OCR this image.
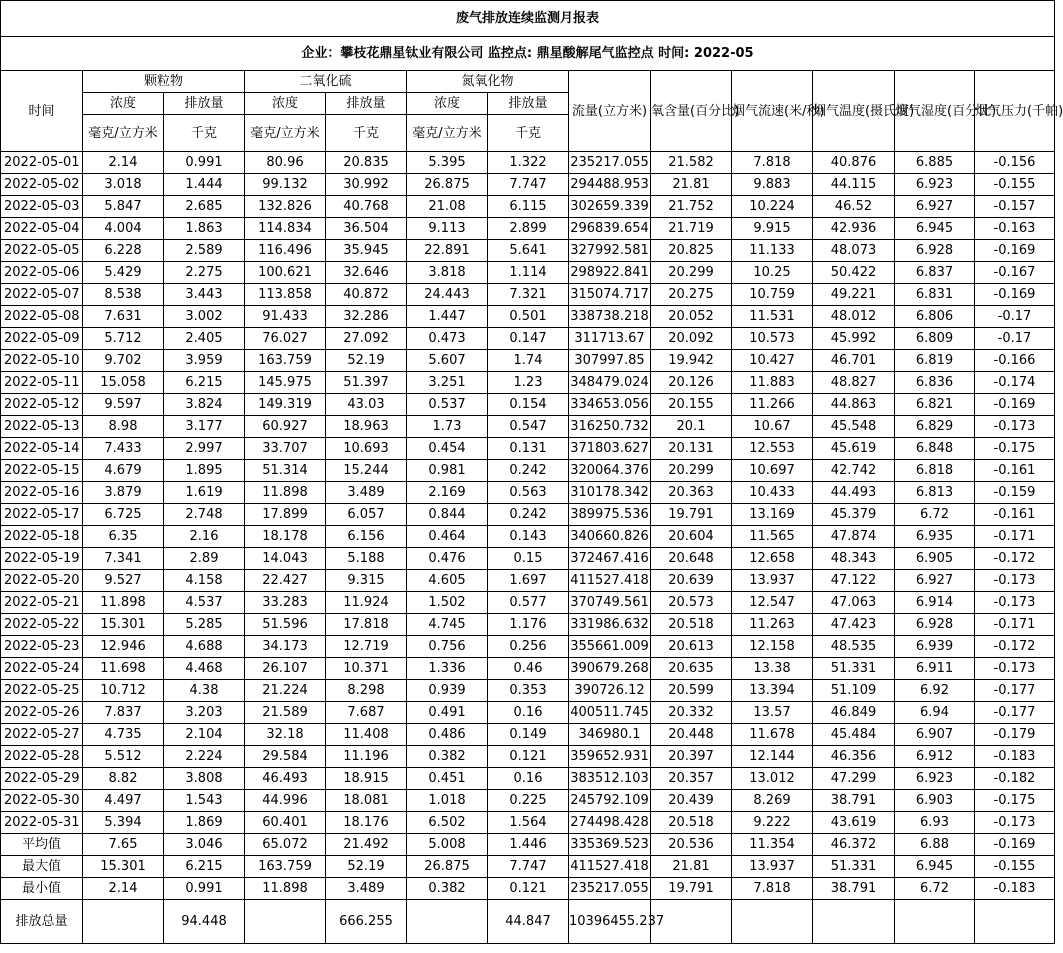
废气排放连续监测月报表												
企业：攀枝花鼎星钛业有限公司 监控点: 鼎星酸解尾气监控点 时间: 2022-05												
时间	颗粒物		二氧化硫		氮氧化物		流量(立方米)	氧含量(百分比)	烟气流速(米/秒)	烟气温度(摄氏度)	烟气湿度(百分比)	烟气压力(千帕)
	浓度	排放量	浓度	排放量	浓度	排放量						
	毫克/立方米	千克	毫克/立方米	千克	毫克/立方米	千克						
2022-05-01	2.14	0.991	80.96	20.835	5.395	1.322	235217.055	21.582	7.818	40.876	6.885	-0.156
2022-05-02	3.018	1.444	99.132	30.992	26.875	7.747	294488.953	21.81	9.883	44.115	6.923	-0.155
2022-05-03	5.847	2.685	132.826	40.768	21.08	6.115	302659.339	21.752	10.224	46.52	6.927	-0.157
2022-05-04	4.004	1.863	114.834	36.504	9.113	2.899	296839.654	21.719	9.915	42.936	6.945	-0.163
2022-05-05	6.228	2.589	116.496	35.945	22.891	5.641	327992.581	20.825	11.133	48.073	6.928	-0.169
2022-05-06	5.429	2.275	100.621	32.646	3.818	1.114	298922.841	20.299	10.25	50.422	6.837	-0.167
2022-05-07	8.538	3.443	113.858	40.872	24.443	7.321	315074.717	20.275	10.759	49.221	6.831	-0.169
2022-05-08	7.631	3.002	91.433	32.286	1.447	0.501	338738.218	20.052	11.531	48.012	6.806	-0.17
2022-05-09	5.712	2.405	76.027	27.092	0.473	0.147	311713.67	20.092	10.573	45.992	6.809	-0.17
2022-05-10	9.702	3.959	163.759	52.19	5.607	1.74	307997.85	19.942	10.427	46.701	6.819	-0.166
2022-05-11	15.058	6.215	145.975	51.397	3.251	1.23	348479.024	20.126	11.883	48.827	6.836	-0.174
2022-05-12	9.597	3.824	149.319	43.03	0.537	0.154	334653.056	20.155	11.266	44.863	6.821	-0.169
2022-05-13	8.98	3.177	60.927	18.963	1.73	0.547	316250.732	20.1	10.67	45.548	6.829	-0.173
2022-05-14	7.433	2.997	33.707	10.693	0.454	0.131	371803.627	20.131	12.553	45.619	6.848	-0.175
2022-05-15	4.679	1.895	51.314	15.244	0.981	0.242	320064.376	20.299	10.697	42.742	6.818	-0.161
2022-05-16	3.879	1.619	11.898	3.489	2.169	0.563	310178.342	20.363	10.433	44.493	6.813	-0.159
2022-05-17	6.725	2.748	17.899	6.057	0.844	0.242	389975.536	19.791	13.169	45.379	6.72	-0.161
2022-05-18	6.35	2.16	18.178	6.156	0.464	0.143	340660.826	20.604	11.565	47.874	6.935	-0.171
2022-05-19	7.341	2.89	14.043	5.188	0.476	0.15	372467.416	20.648	12.658	48.343	6.905	-0.172
2022-05-20	9.527	4.158	22.427	9.315	4.605	1.697	411527.418	20.639	13.937	47.122	6.927	-0.173
2022-05-21	11.898	4.537	33.283	11.924	1.502	0.577	370749.561	20.573	12.547	47.063	6.914	-0.173
2022-05-22	15.301	5.285	51.596	17.818	4.745	1.176	331986.632	20.518	11.263	47.423	6.928	-0.171
2022-05-23	12.946	4.688	34.173	12.719	0.756	0.256	355661.009	20.613	12.158	48.535	6.939	-0.172
2022-05-24	11.698	4.468	26.107	10.371	1.336	0.46	390679.268	20.635	13.38	51.331	6.911	-0.173
2022-05-25	10.712	4.38	21.224	8.298	0.939	0.353	390726.12	20.599	13.394	51.109	6.92	-0.177
2022-05-26	7.837	3.203	21.589	7.687	0.491	0.16	400511.745	20.332	13.57	46.849	6.94	-0.177
2022-05-27	4.735	2.104	32.18	11.408	0.486	0.149	346980.1	20.448	11.678	45.484	6.907	-0.179
2022-05-28	5.512	2.224	29.584	11.196	0.382	0.121	359652.931	20.397	12.144	46.356	6.912	-0.183
2022-05-29	8.82	3.808	46.493	18.915	0.451	0.16	383512.103	20.357	13.012	47.299	6.923	-0.182
2022-05-30	4.497	1.543	44.996	18.081	1.018	0.225	245792.109	20.439	8.269	38.791	6.903	-0.175
2022-05-31	5.394	1.869	60.401	18.176	6.502	1.564	274498.428	20.518	9.222	43.619	6.93	-0.173
平均值	7.65	3.046	65.072	21.492	5.008	1.446	335369.523	20.536	11.354	46.372	6.88	-0.169
最大值	15.301	6.215	163.759	52.19	26.875	7.747	411527.418	21.81	13.937	51.331	6.945	-0.155
最小值	2.14	0.991	11.898	3.489	0.382	0.121	235217.055	19.791	7.818	38.791	6.72	-0.183
排放总量		94.448		666.255		44.847	10396455.237					
